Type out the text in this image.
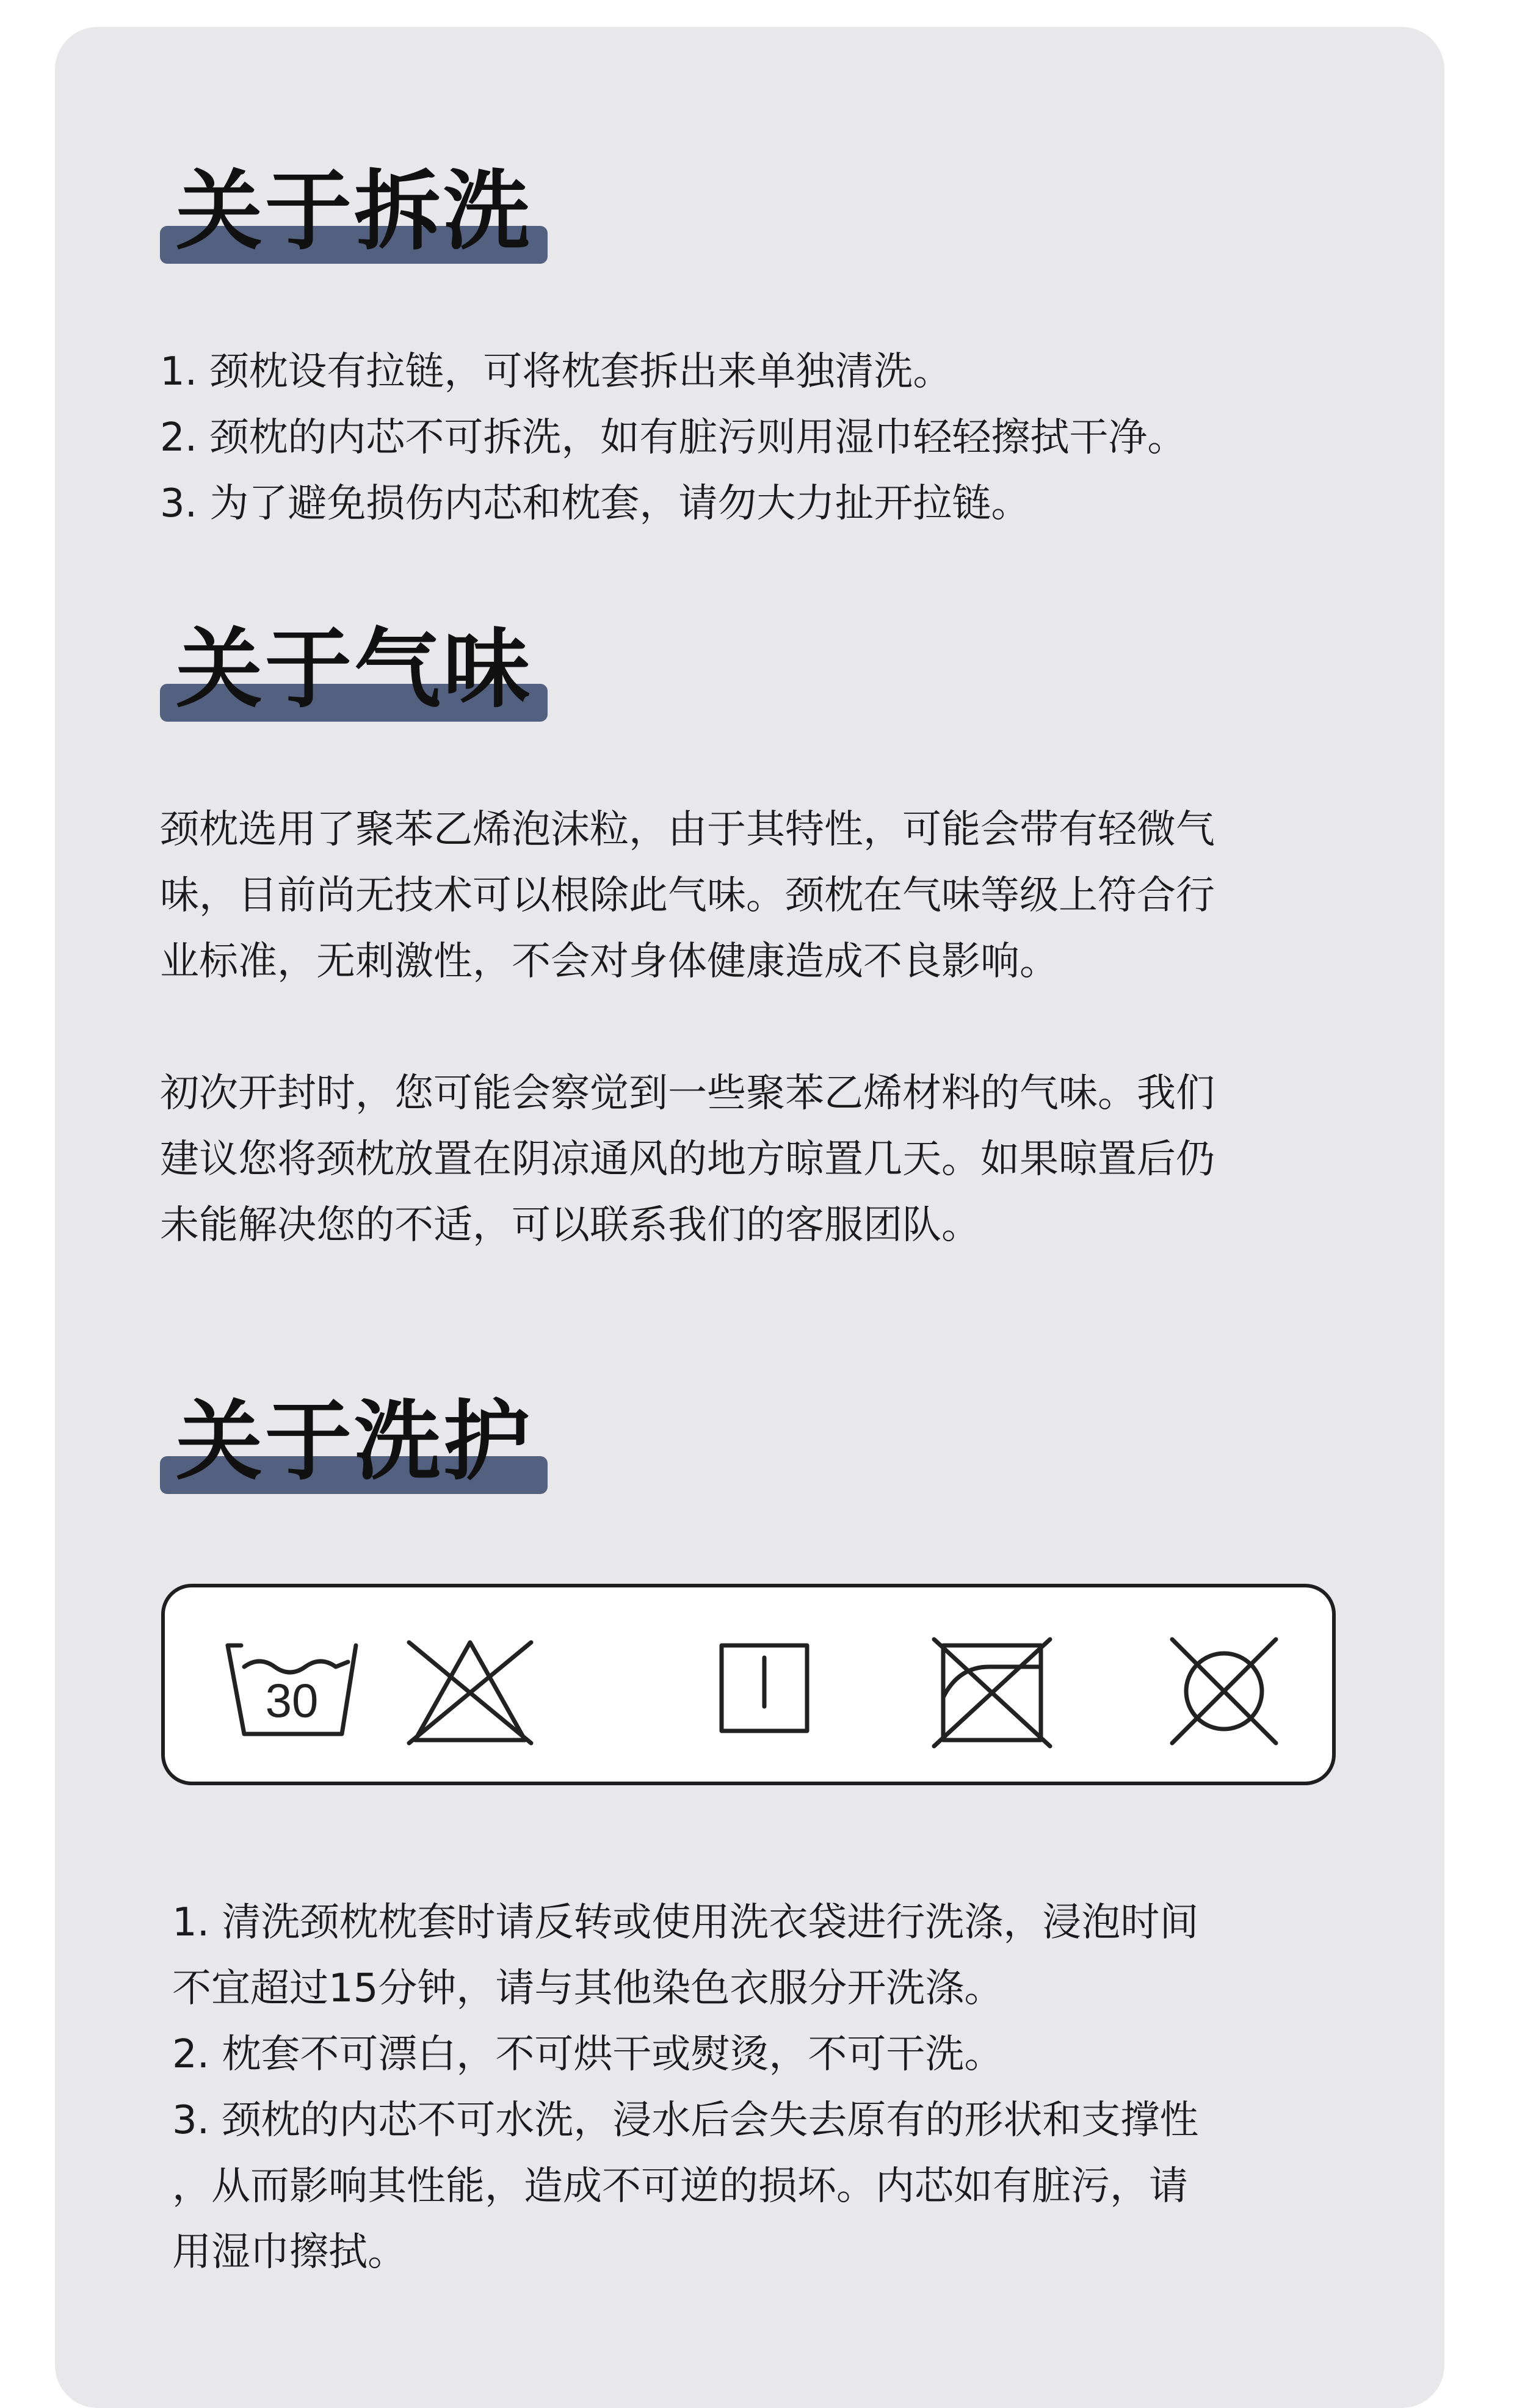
关于拆洗
1. 颈枕设有拉链，可将枕套拆出来单独清洗。
2. 颈枕的内芯不可拆洗，如有脏污则用湿巾轻轻擦拭干净。
3. 为了避免损伤内芯和枕套，请勿大力扯开拉链。
关于气味
颈枕选用了聚苯乙烯泡沫粒，由于其特性，可能会带有轻微气
味，目前尚无技术可以根除此气味。颈枕在气味等级上符合行
业标准，无刺激性，不会对身体健康造成不良影响。
初次开封时，您可能会察觉到一些聚苯乙烯材料的气味。我们
建议您将颈枕放置在阴凉通风的地方晾置几天。如果晾置后仍
未能解决您的不适，可以联系我们的客服团队。
关于洗护
30
1. 清洗颈枕枕套时请反转或使用洗衣袋进行洗涤，浸泡时间
不宜超过15分钟，请与其他染色衣服分开洗涤。
2. 枕套不可漂白，不可烘干或熨烫，不可干洗。
3. 颈枕的内芯不可水洗，浸水后会失去原有的形状和支撑性
，从而影响其性能，造成不可逆的损坏。内芯如有脏污，请
用湿巾擦拭。
